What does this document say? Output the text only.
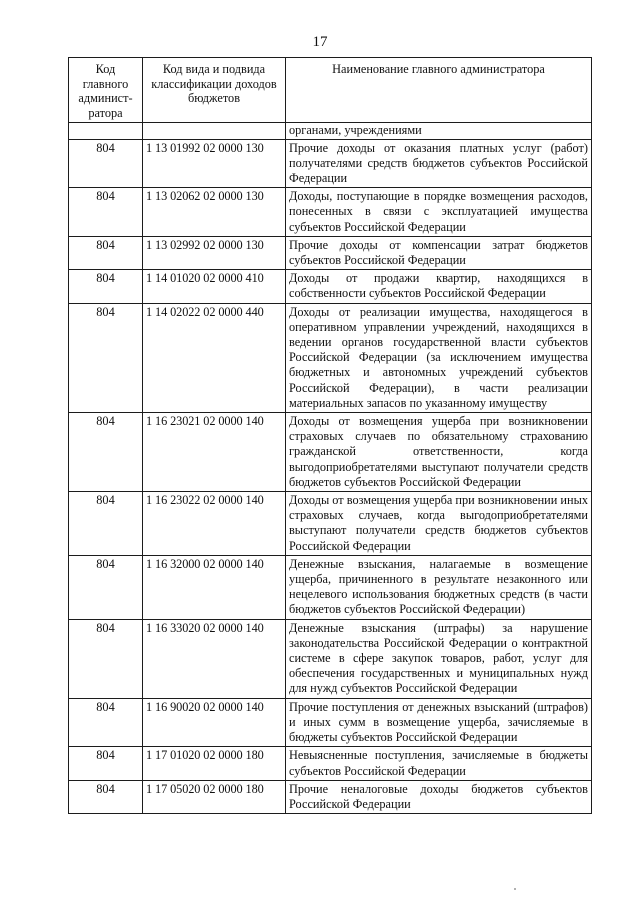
17
Код главного админист-ратора	Код вида и подвида классификации доходов бюджетов	Наименование главного администратора
		органами, учреждениями
804	1 13 01992 02 0000 130	Прочие доходы от оказания платных услуг (работ) получателями средств бюджетов субъектов Российской Федерации
804	1 13 02062 02 0000 130	Доходы, поступающие в порядке возмещения расходов, понесенных в связи с эксплуатацией имущества субъектов Российской Федерации
804	1 13 02992 02 0000 130	Прочие доходы от компенсации затрат бюджетов субъектов Российской Федерации
804	1 14 01020 02 0000 410	Доходы от продажи квартир, находящихся в собственности субъектов Российской Федерации
804	1 14 02022 02 0000 440	Доходы от реализации имущества, находящегося в оперативном управлении учреждений, находящихся в ведении органов государственной власти субъектов Российской Федерации (за исключением имущества бюджетных и автономных учреждений субъектов Российской Федерации), в части реализации материальных запасов по указанному имуществу
804	1 16 23021 02 0000 140	Доходы от возмещения ущерба при возникновении страховых случаев по обязательному страхованию гражданской ответственности, когда выгодоприобретателями выступают получатели средств бюджетов субъектов Российской Федерации
804	1 16 23022 02 0000 140	Доходы от возмещения ущерба при возникновении иных страховых случаев, когда выгодоприобретателями выступают получатели средств бюджетов субъектов Российской Федерации
804	1 16 32000 02 0000 140	Денежные взыскания, налагаемые в возмещение ущерба, причиненного в результате незаконного или нецелевого использования бюджетных средств (в части бюджетов субъектов Российской Федерации)
804	1 16 33020 02 0000 140	Денежные взыскания (штрафы) за нарушение законодательства Российской Федерации о контрактной системе в сфере закупок товаров, работ, услуг для обеспечения государственных и муниципальных нужд для нужд субъектов Российской Федерации
804	1 16 90020 02 0000 140	Прочие поступления от денежных взысканий (штрафов) и иных сумм в возмещение ущерба, зачисляемые в бюджеты субъектов Российской Федерации
804	1 17 01020 02 0000 180	Невыясненные поступления, зачисляемые в бюджеты субъектов Российской Федерации
804	1 17 05020 02 0000 180	Прочие неналоговые доходы бюджетов субъектов Российской Федерации
